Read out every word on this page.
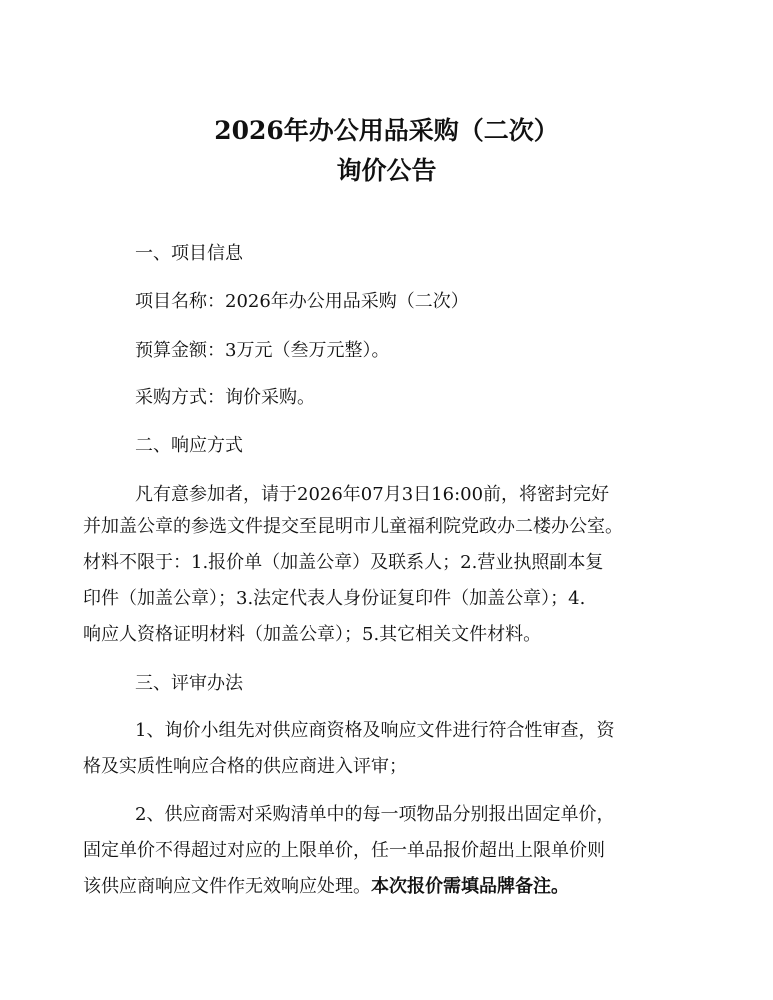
2026年办公用品采购（二次）
询价公告
一、项目信息
项目名称：2026年办公用品采购（二次）
预算金额：3万元（叁万元整）。
采购方式：询价采购。
二、响应方式
凡有意参加者，请于2026年07月3日16:00前，将密封完好
并加盖公章的参选文件提交至昆明市儿童福利院党政办二楼办公室。
材料不限于：1.报价单（加盖公章）及联系人；2.营业执照副本复
印件（加盖公章）；3.法定代表人身份证复印件（加盖公章）；4.
响应人资格证明材料（加盖公章）；5.其它相关文件材料。
三、评审办法
1、询价小组先对供应商资格及响应文件进行符合性审查，资
格及实质性响应合格的供应商进入评审；
2、供应商需对采购清单中的每一项物品分别报出固定单价，
固定单价不得超过对应的上限单价，任一单品报价超出上限单价则
该供应商响应文件作无效响应处理。本次报价需填品牌备注。
